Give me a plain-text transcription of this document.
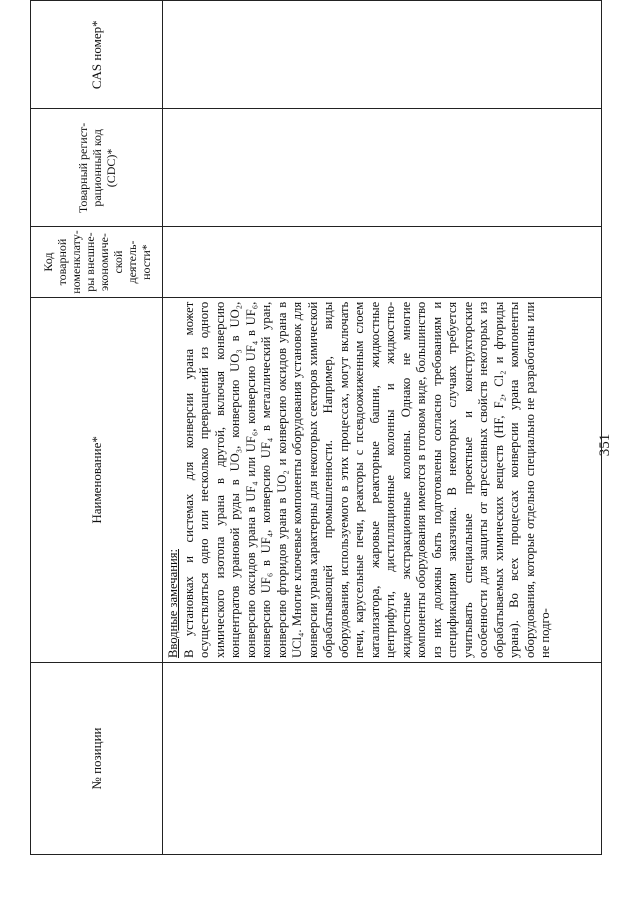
351
№ позиции	Наименование*	Код товарной номенклату-ры внешне-экономиче-ской деятель-ности*	Товарный регист-рационный код (CDC)*	CAS номер*

	Вводные замечания: В установках и системах для конверсии урана может осуществляться одно или несколько превращений из одного химического изотопа урана в другой, включая конверсию концентратов урановой руды в UO₃, конверсию UO₃ в UO₂, конверсию оксидов урана в UF₄ или UF₆, конверсию UF₄ в UF₆, конверсию UF₆ в UF₄, конверсию UF₄ в металлический уран, конверсию фторидов урана в UO₂ и конверсию оксидов урана в UCl₄. Многие ключевые компоненты оборудования установок для конверсии урана характерны для некоторых секторов химической обрабатывающей промышленности. Например, виды оборудования, используемого в этих процессах, могут включать печи, карусельные печи, реакторы с псевдоожиженным слоем катализатора, жаровые реакторные башни, жидкостные центрифуги, дистилляционные колонны и жидкостно-жидкостные экстракционные колонны. Однако не многие компоненты оборудования имеются в готовом виде, большинство из них должны быть подготовлены согласно требованиям и спецификациям заказчика. В некоторых случаях требуется учитывать специальные проектные и конструкторские особенности для защиты от агрессивных свойств некоторых из обрабатываемых химических веществ (HF, F₂, Cl₂ и фториды урана). Во всех процессах конверсии урана компоненты оборудования, которые отдельно специально не разработаны или не подго-			
